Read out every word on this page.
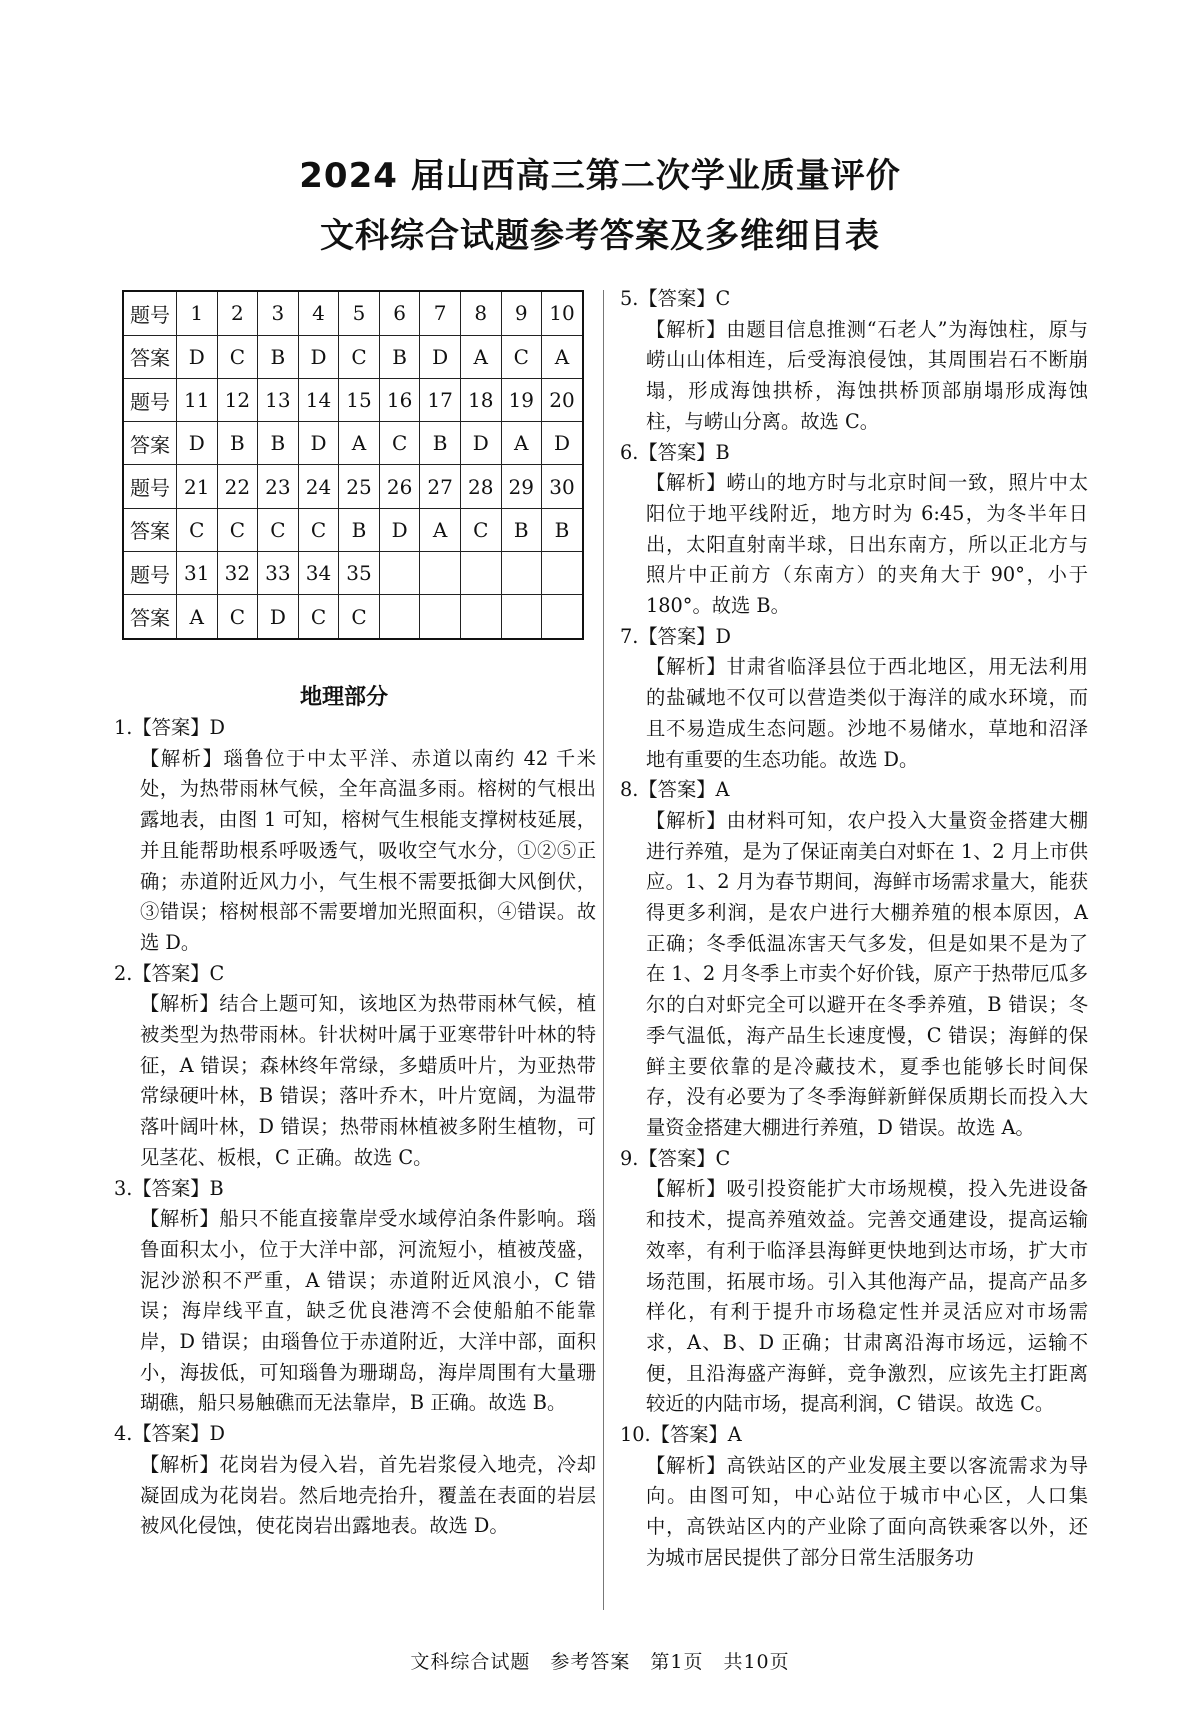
2024 届山西高三第二次学业质量评价
文科综合试题参考答案及多维细目表
题号	1	2	3	4	5	6	7	8	9	10
答案	D	C	B	D	C	B	D	A	C	A
题号	11	12	13	14	15	16	17	18	19	20
答案	D	B	B	D	A	C	B	D	A	D
题号	21	22	23	24	25	26	27	28	29	30
答案	C	C	C	C	B	D	A	C	B	B
题号	31	32	33	34	35					
答案	A	C	D	C	C					
地理部分
1.【答案】D
【解析】瑙鲁位于中太平洋、赤道以南约 42 千米处，为热带雨林气候，全年高温多雨。榕树的气根出露地表，由图 1 可知，榕树气生根能支撑树枝延展，并且能帮助根系呼吸透气，吸收空气水分，①②⑤正确；赤道附近风力小，气生根不需要抵御大风倒伏，③错误；榕树根部不需要增加光照面积，④错误。故选 D。
2.【答案】C
【解析】结合上题可知，该地区为热带雨林气候，植被类型为热带雨林。针状树叶属于亚寒带针叶林的特征，A 错误；森林终年常绿，多蜡质叶片，为亚热带常绿硬叶林，B 错误；落叶乔木，叶片宽阔，为温带落叶阔叶林，D 错误；热带雨林植被多附生植物，可见茎花、板根，C 正确。故选 C。
3.【答案】B
【解析】船只不能直接靠岸受水域停泊条件影响。瑙鲁面积太小，位于大洋中部，河流短小，植被茂盛，泥沙淤积不严重，A 错误；赤道附近风浪小，C 错误；海岸线平直，缺乏优良港湾不会使船舶不能靠岸，D 错误；由瑙鲁位于赤道附近，大洋中部，面积小，海拔低，可知瑙鲁为珊瑚岛，海岸周围有大量珊瑚礁，船只易触礁而无法靠岸，B 正确。故选 B。
4.【答案】D
【解析】花岗岩为侵入岩，首先岩浆侵入地壳，冷却凝固成为花岗岩。然后地壳抬升，覆盖在表面的岩层被风化侵蚀，使花岗岩出露地表。故选 D。
5.【答案】C
【解析】由题目信息推测“石老人”为海蚀柱，原与崂山山体相连，后受海浪侵蚀，其周围岩石不断崩塌，形成海蚀拱桥，海蚀拱桥顶部崩塌形成海蚀柱，与崂山分离。故选 C。
6.【答案】B
【解析】崂山的地方时与北京时间一致，照片中太阳位于地平线附近，地方时为 6:45，为冬半年日出，太阳直射南半球，日出东南方，所以正北方与照片中正前方（东南方）的夹角大于 90°，小于 180°。故选 B。
7.【答案】D
【解析】甘肃省临泽县位于西北地区，用无法利用的盐碱地不仅可以营造类似于海洋的咸水环境，而且不易造成生态问题。沙地不易储水，草地和沼泽地有重要的生态功能。故选 D。
8.【答案】A
【解析】由材料可知，农户投入大量资金搭建大棚进行养殖，是为了保证南美白对虾在 1、2 月上市供应。1、2 月为春节期间，海鲜市场需求量大，能获得更多利润，是农户进行大棚养殖的根本原因，A 正确；冬季低温冻害天气多发，但是如果不是为了在 1、2 月冬季上市卖个好价钱，原产于热带厄瓜多尔的白对虾完全可以避开在冬季养殖，B 错误；冬季气温低，海产品生长速度慢，C 错误；海鲜的保鲜主要依靠的是冷藏技术，夏季也能够长时间保存，没有必要为了冬季海鲜新鲜保质期长而投入大量资金搭建大棚进行养殖，D 错误。故选 A。
9.【答案】C
【解析】吸引投资能扩大市场规模，投入先进设备和技术，提高养殖效益。完善交通建设，提高运输效率，有利于临泽县海鲜更快地到达市场，扩大市场范围，拓展市场。引入其他海产品，提高产品多样化，有利于提升市场稳定性并灵活应对市场需求，A、B、D 正确；甘肃离沿海市场远，运输不便，且沿海盛产海鲜，竞争激烈，应该先主打距离较近的内陆市场，提高利润，C 错误。故选 C。
10.【答案】A
【解析】高铁站区的产业发展主要以客流需求为导向。由图可知，中心站位于城市中心区，人口集中，高铁站区内的产业除了面向高铁乘客以外，还为城市居民提供了部分日常生活服务功
文科综合试题　参考答案　第1页　共10页
